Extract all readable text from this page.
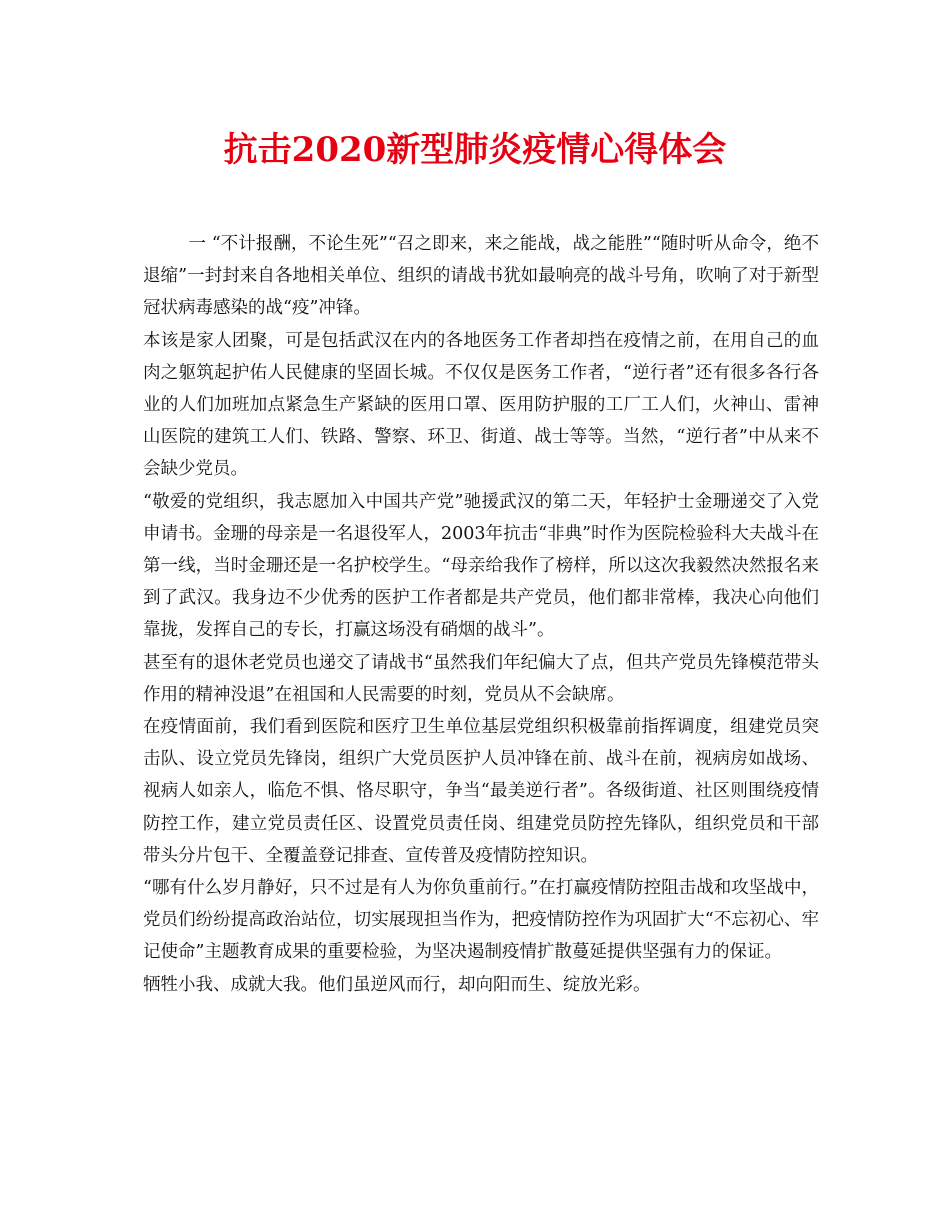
抗击2020新型肺炎疫情心得体会

一 “不计报酬，不论生死”“召之即来，来之能战，战之能胜”“随时听从命令，绝不退缩”一封封来自各地相关单位、组织的请战书犹如最响亮的战斗号角，吹响了对于新型冠状病毒感染的战“疫”冲锋。

本该是家人团聚，可是包括武汉在内的各地医务工作者却挡在疫情之前，在用自己的血肉之躯筑起护佑人民健康的坚固长城。不仅仅是医务工作者，“逆行者”还有很多各行各业的人们加班加点紧急生产紧缺的医用口罩、医用防护服的工厂工人们，火神山、雷神山医院的建筑工人们、铁路、警察、环卫、街道、战士等等。当然，“逆行者”中从来不会缺少党员。

“敬爱的党组织，我志愿加入中国共产党”驰援武汉的第二天，年轻护士金珊递交了入党申请书。金珊的母亲是一名退役军人，2003年抗击“非典”时作为医院检验科大夫战斗在第一线，当时金珊还是一名护校学生。“母亲给我作了榜样，所以这次我毅然决然报名来到了武汉。我身边不少优秀的医护工作者都是共产党员，他们都非常棒，我决心向他们靠拢，发挥自己的专长，打赢这场没有硝烟的战斗”。

甚至有的退休老党员也递交了请战书“虽然我们年纪偏大了点，但共产党员先锋模范带头作用的精神没退”在祖国和人民需要的时刻，党员从不会缺席。

在疫情面前，我们看到医院和医疗卫生单位基层党组织积极靠前指挥调度，组建党员突击队、设立党员先锋岗，组织广大党员医护人员冲锋在前、战斗在前，视病房如战场、视病人如亲人，临危不惧、恪尽职守，争当“最美逆行者”。各级街道、社区则围绕疫情防控工作，建立党员责任区、设置党员责任岗、组建党员防控先锋队，组织党员和干部带头分片包干、全覆盖登记排查、宣传普及疫情防控知识。

“哪有什么岁月静好，只不过是有人为你负重前行。”在打赢疫情防控阻击战和攻坚战中，党员们纷纷提高政治站位，切实展现担当作为，把疫情防控作为巩固扩大“不忘初心、牢记使命”主题教育成果的重要检验，为坚决遏制疫情扩散蔓延提供坚强有力的保证。

牺牲小我、成就大我。他们虽逆风而行，却向阳而生、绽放光彩。
